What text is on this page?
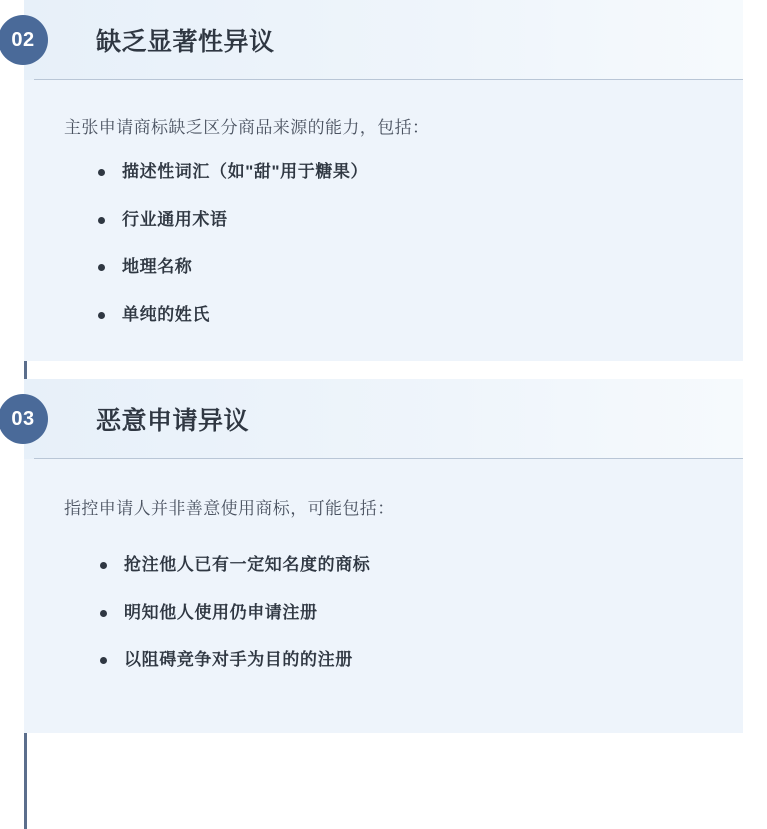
02	缺乏显著性异议

主张申请商标缺乏区分商品来源的能力，包括：

描述性词汇（如"甜"用于糖果）
行业通用术语
地理名称
单纯的姓氏
03	恶意申请异议

指控申请人并非善意使用商标，可能包括：

抢注他人已有一定知名度的商标
明知他人使用仍申请注册
以阻碍竞争对手为目的的注册
